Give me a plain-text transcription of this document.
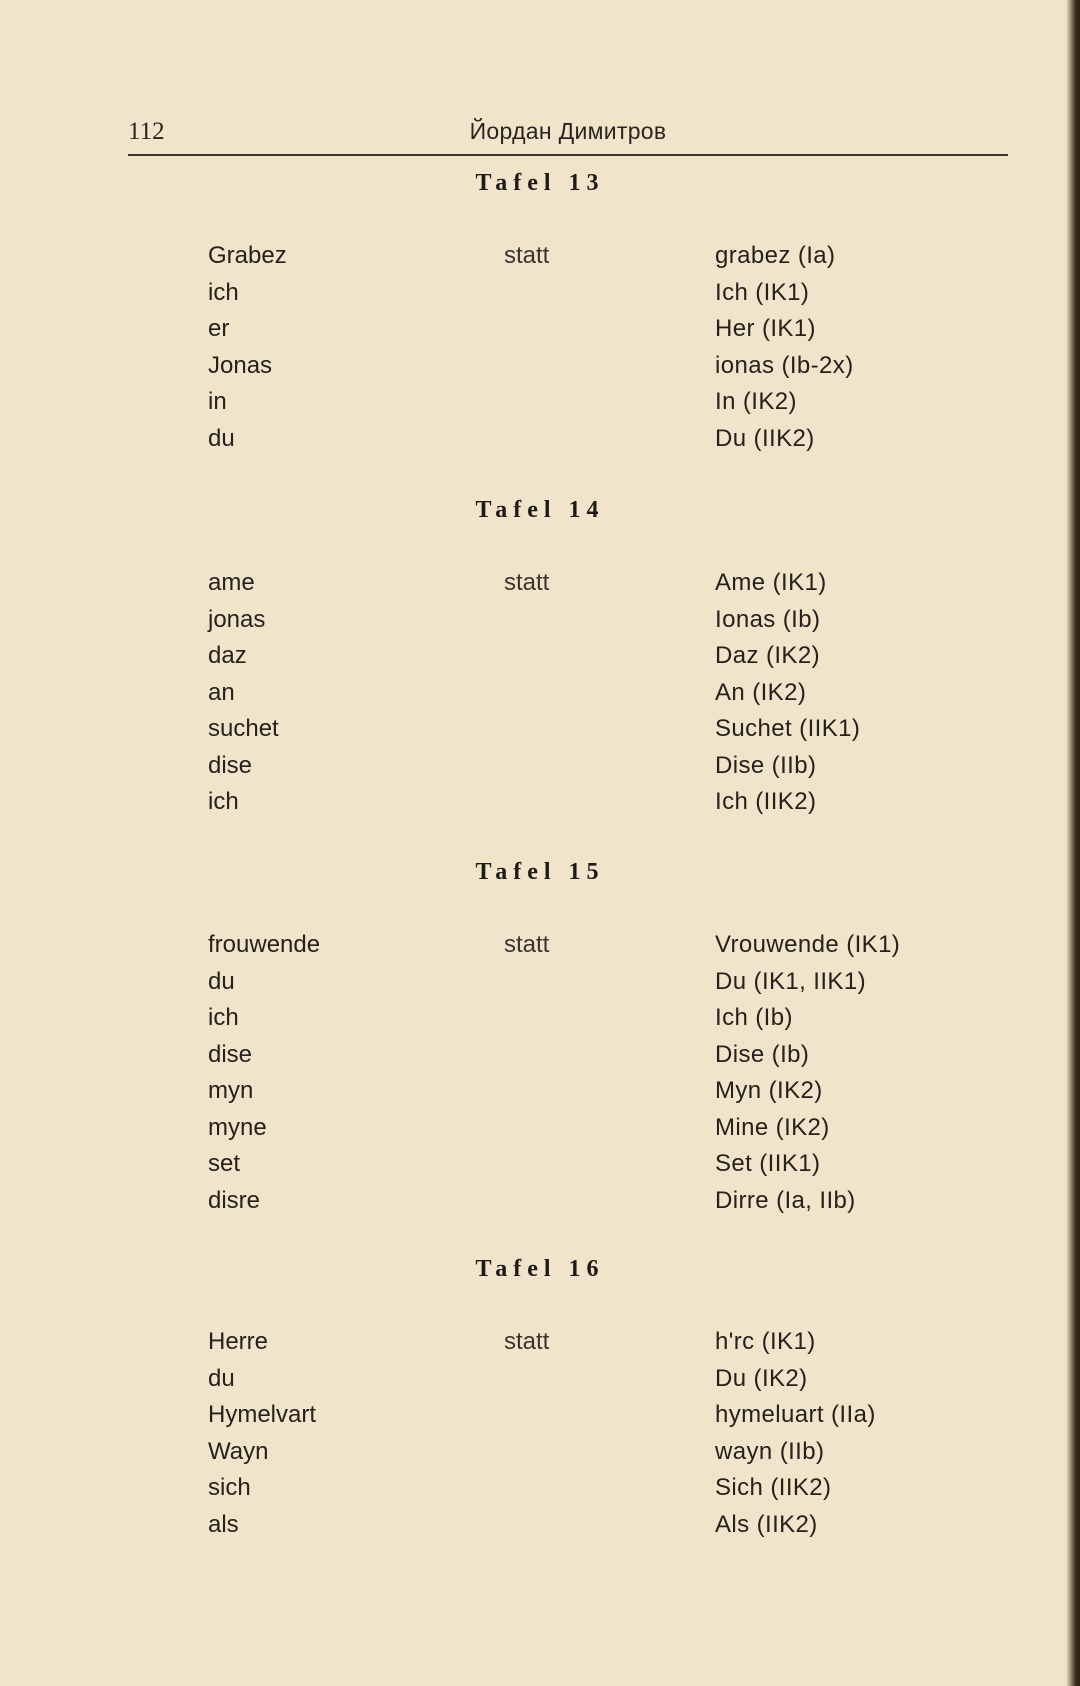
112	Йордан Димитров
Tafel 13
Grabez	statt	grabez (Ia)
ich	Ich (IK1)
er	Her (IK1)
Jonas	ionas (Ib-2x)
in	In (IK2)
du	Du (IIK2)
Tafel 14
ame	statt	Ame (IK1)
jonas	Ionas (Ib)
daz	Daz (IK2)
an	An (IK2)
suchet	Suchet (IIK1)
dise	Dise (IIb)
ich	Ich (IIK2)
Tafel 15
frouwende	statt	Vrouwende (IK1)
du	Du (IK1, IIK1)
ich	Ich (Ib)
dise	Dise (Ib)
myn	Myn (IK2)
myne	Mine (IK2)
set	Set (IIK1)
disre	Dirre (Ia, IIb)
Tafel 16
Herre	statt	h'rc (IK1)
du	Du (IK2)
Hymelvart	hymeluart (IIa)
Wayn	wayn (IIb)
sich	Sich (IIK2)
als	Als (IIK2)
